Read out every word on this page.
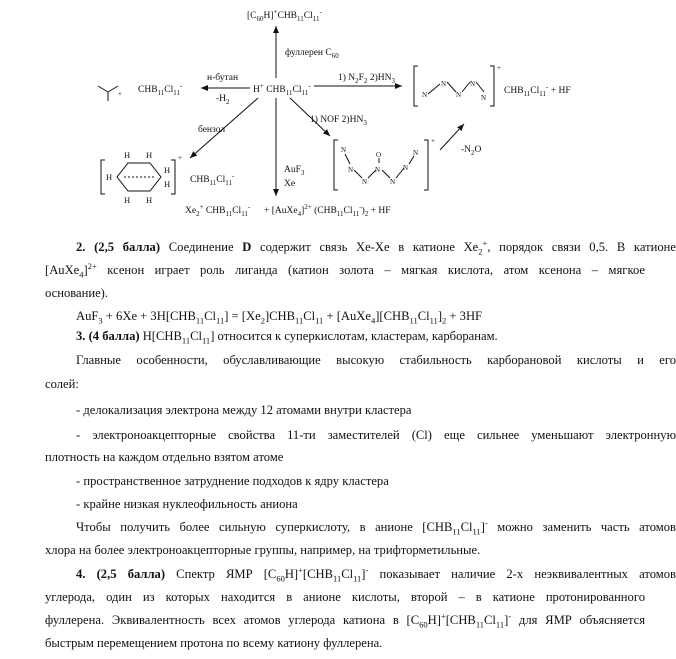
$[C_{60}H]^+CHB_{11}Cl_{11}^-$
фуллерен $C_{60}$
H+ $CHB_{11}Cl_{11}^-$
+ $CHB_{11}Cl_{11}^-$
н-бутан
$-H_2$
бензол
H H
H
H
H
H H
+
$CHB_{11}Cl_{11}^-$
AuF$_3$
Xe
$Xe_2^+$ $CHB_{11}Cl_{11}^-$ + [AuXe$_4$]$^{2+}$ $(CHB_{11}Cl_{11}^-)_2$ + HF
1) $N_2F_2$ $2)HN_3$
N
N
N
N
N
+
$CHB_{11}Cl_{11}^-$ + HF
1) NOF $2)HN_3$
N
N
N
N
O
N
N
N
+
$-N_2O$
2. (2,5 балла) Соединение D содержит связь Xe-Xe в катионе $Xe_2^+$, порядок связи 0,5. В катионе
[AuXe$_4$]$^{2+}$ ксенон играет роль лиганда (катион золота – мягкая кислота, атом ксенона – мягкое
основание).
$AuF_3 + 6Xe + 3H[CHB_{11}Cl_{11}] = [Xe_2]CHB_{11}Cl_{11}$ + $[AuXe_4][CHB_{11}Cl_{11}]_2 + 3HF$
3. (4 балла) $H[CHB_{11}Cl_{11}]$ относится к суперкислотам, кластерам, карборанам.
Главные особенности, обуславливающие высокую стабильность карборановой кислоты и его
солей:
- делокализация электрона между 12 атомами внутри кластера
- электроноакцепторные свойства 11-ти заместителей (Cl) еще сильнее уменьшают электронную
плотность на каждом отдельно взятом атоме
- пространственное затруднение подходов к ядру кластера
- крайне низкая нуклеофильность аниона
Чтобы получить более сильную суперкислоту, в анионе $[CHB_{11}Cl_{11}]^-$ можно заменить часть атомов
хлора на более электроноакцепторные группы, например, на трифторметильные.
4. (2,5 балла) Спектр ЯМР $[C_{60}H]^+[CHB_{11}Cl_{11}]^-$ показывает наличие 2-х неэквивалентных атомов
углерода, один из которых находится в анионе кислоты, второй – в катионе протонированного
фуллерена. Эквивалентность всех атомов углерода катиона в $[C_{60}H]^+[CHB_{11}Cl_{11}]^-$ для ЯМР объясняется
быстрым перемещением протона по всему катиону фуллерена.
